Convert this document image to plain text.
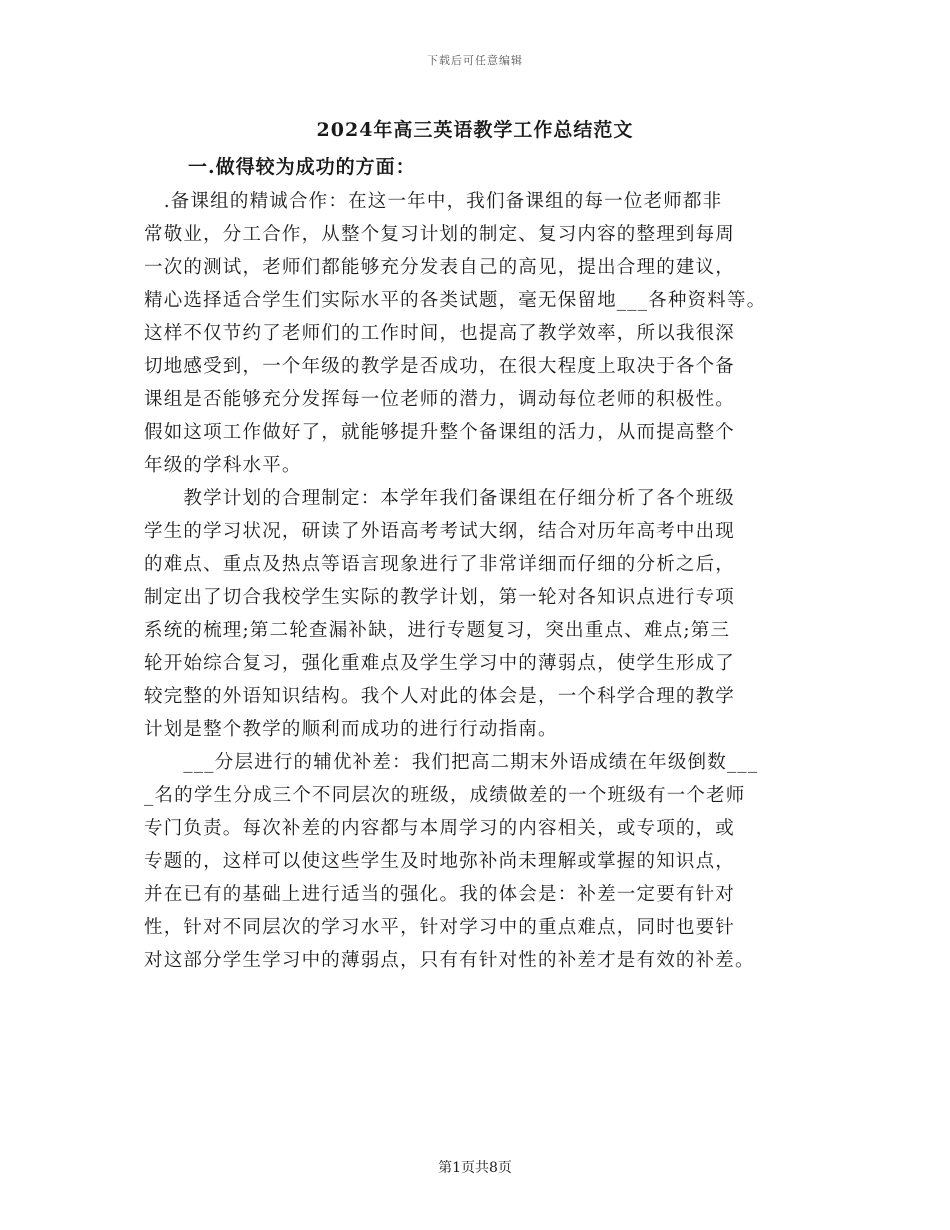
下载后可任意编辑
2024年高三英语教学工作总结范文
一.做得较为成功的方面：
　.备课组的精诚合作：在这一年中，我们备课组的每一位老师都非
常敬业，分工合作，从整个复习计划的制定、复习内容的整理到每周
一次的测试，老师们都能够充分发表自己的高见，提出合理的建议，
精心选择适合学生们实际水平的各类试题，毫无保留地___各种资料等。
这样不仅节约了老师们的工作时间，也提高了教学效率，所以我很深
切地感受到，一个年级的教学是否成功，在很大程度上取决于各个备
课组是否能够充分发挥每一位老师的潜力，调动每位老师的积极性。
假如这项工作做好了，就能够提升整个备课组的活力，从而提高整个
年级的学科水平。
　　教学计划的合理制定：本学年我们备课组在仔细分析了各个班级
学生的学习状况，研读了外语高考考试大纲，结合对历年高考中出现
的难点、重点及热点等语言现象进行了非常详细而仔细的分析之后，
制定出了切合我校学生实际的教学计划，第一轮对各知识点进行专项
系统的梳理;第二轮查漏补缺，进行专题复习，突出重点、难点;第三
轮开始综合复习，强化重难点及学生学习中的薄弱点，使学生形成了
较完整的外语知识结构。我个人对此的体会是，一个科学合理的教学
计划是整个教学的顺利而成功的进行行动指南。
　　___分层进行的辅优补差：我们把高二期末外语成绩在年级倒数___
_名的学生分成三个不同层次的班级，成绩做差的一个班级有一个老师
专门负责。每次补差的内容都与本周学习的内容相关，或专项的，或
专题的，这样可以使这些学生及时地弥补尚未理解或掌握的知识点，
并在已有的基础上进行适当的强化。我的体会是：补差一定要有针对
性，针对不同层次的学习水平，针对学习中的重点难点，同时也要针
对这部分学生学习中的薄弱点，只有有针对性的补差才是有效的补差。
第1页共8页
